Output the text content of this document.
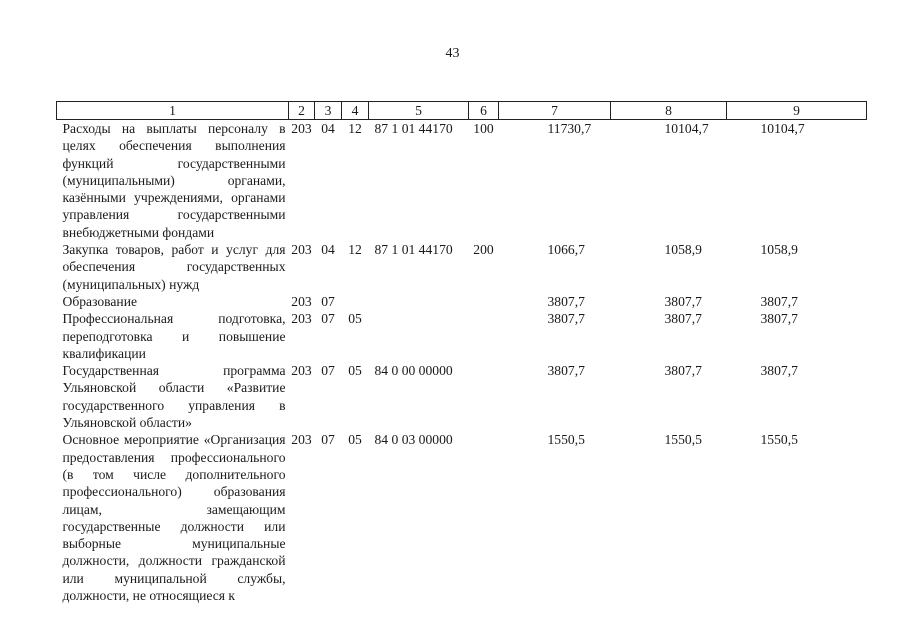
43
1	2	3	4	5	6	7	8	9
Расходы на выплаты персоналу в целях обеспечения выполнения функций государственными (муниципальными) органами, казёнными учреждениями, органами управления государственными внебюджетными фондами	203	04	12	87 1 01 44170	100	11730,7	10104,7	10104,7
Закупка товаров, работ и услуг для обеспечения государственных (муниципальных) нужд	203	04	12	87 1 01 44170	200	1066,7	1058,9	1058,9
Образование	203	07				3807,7	3807,7	3807,7
Профессиональная подготовка, переподготовка и повышение квалификации	203	07	05			3807,7	3807,7	3807,7
Государственная программа Ульяновской области «Развитие государственного управления в Ульяновской области»	203	07	05	84 0 00 00000		3807,7	3807,7	3807,7
Основное мероприятие «Организация предоставления профессионального (в том числе дополнительного профессионального) образования лицам, замещающим государственные должности или выборные муниципальные должности, должности гражданской или муниципальной службы, должности, не относящиеся к	203	07	05	84 0 03 00000		1550,5	1550,5	1550,5
